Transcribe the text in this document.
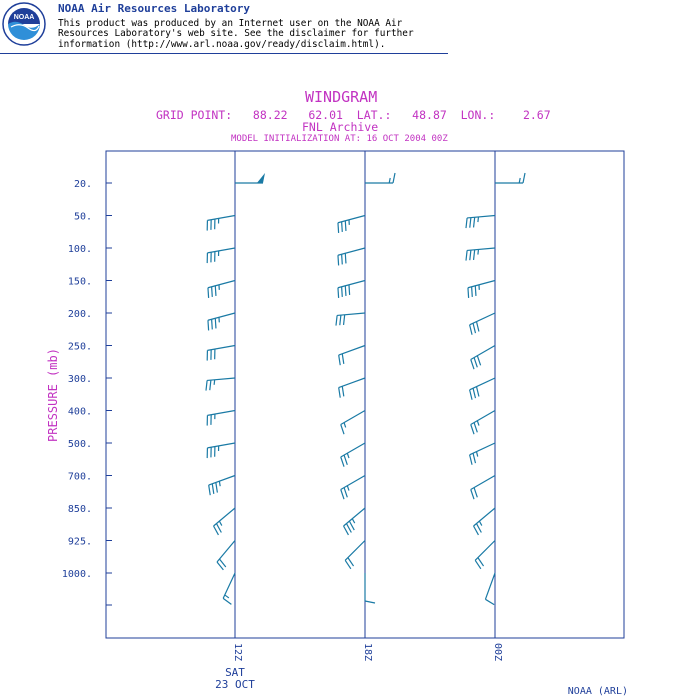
NOAA
NOAA Air Resources Laboratory
This product was produced by an Internet user on the NOAA Air Resources Laboratory's web site. See the disclaimer for further information (http://www.arl.noaa.gov/ready/disclaim.html).
WINDGRAM
GRID POINT:   88.22   62.01  LAT.:   48.87  LON.:    2.67
FNL Archive
MODEL INITIALIZATION AT: 16 OCT 2004 00Z
20.
50.
100.
150.
200.
250.
300.
400.
500.
700.
850.
925.
1000.
PRESSURE (mb)
12Z
SAT
23 OCT
18Z	00Z
NOAA (ARL)
